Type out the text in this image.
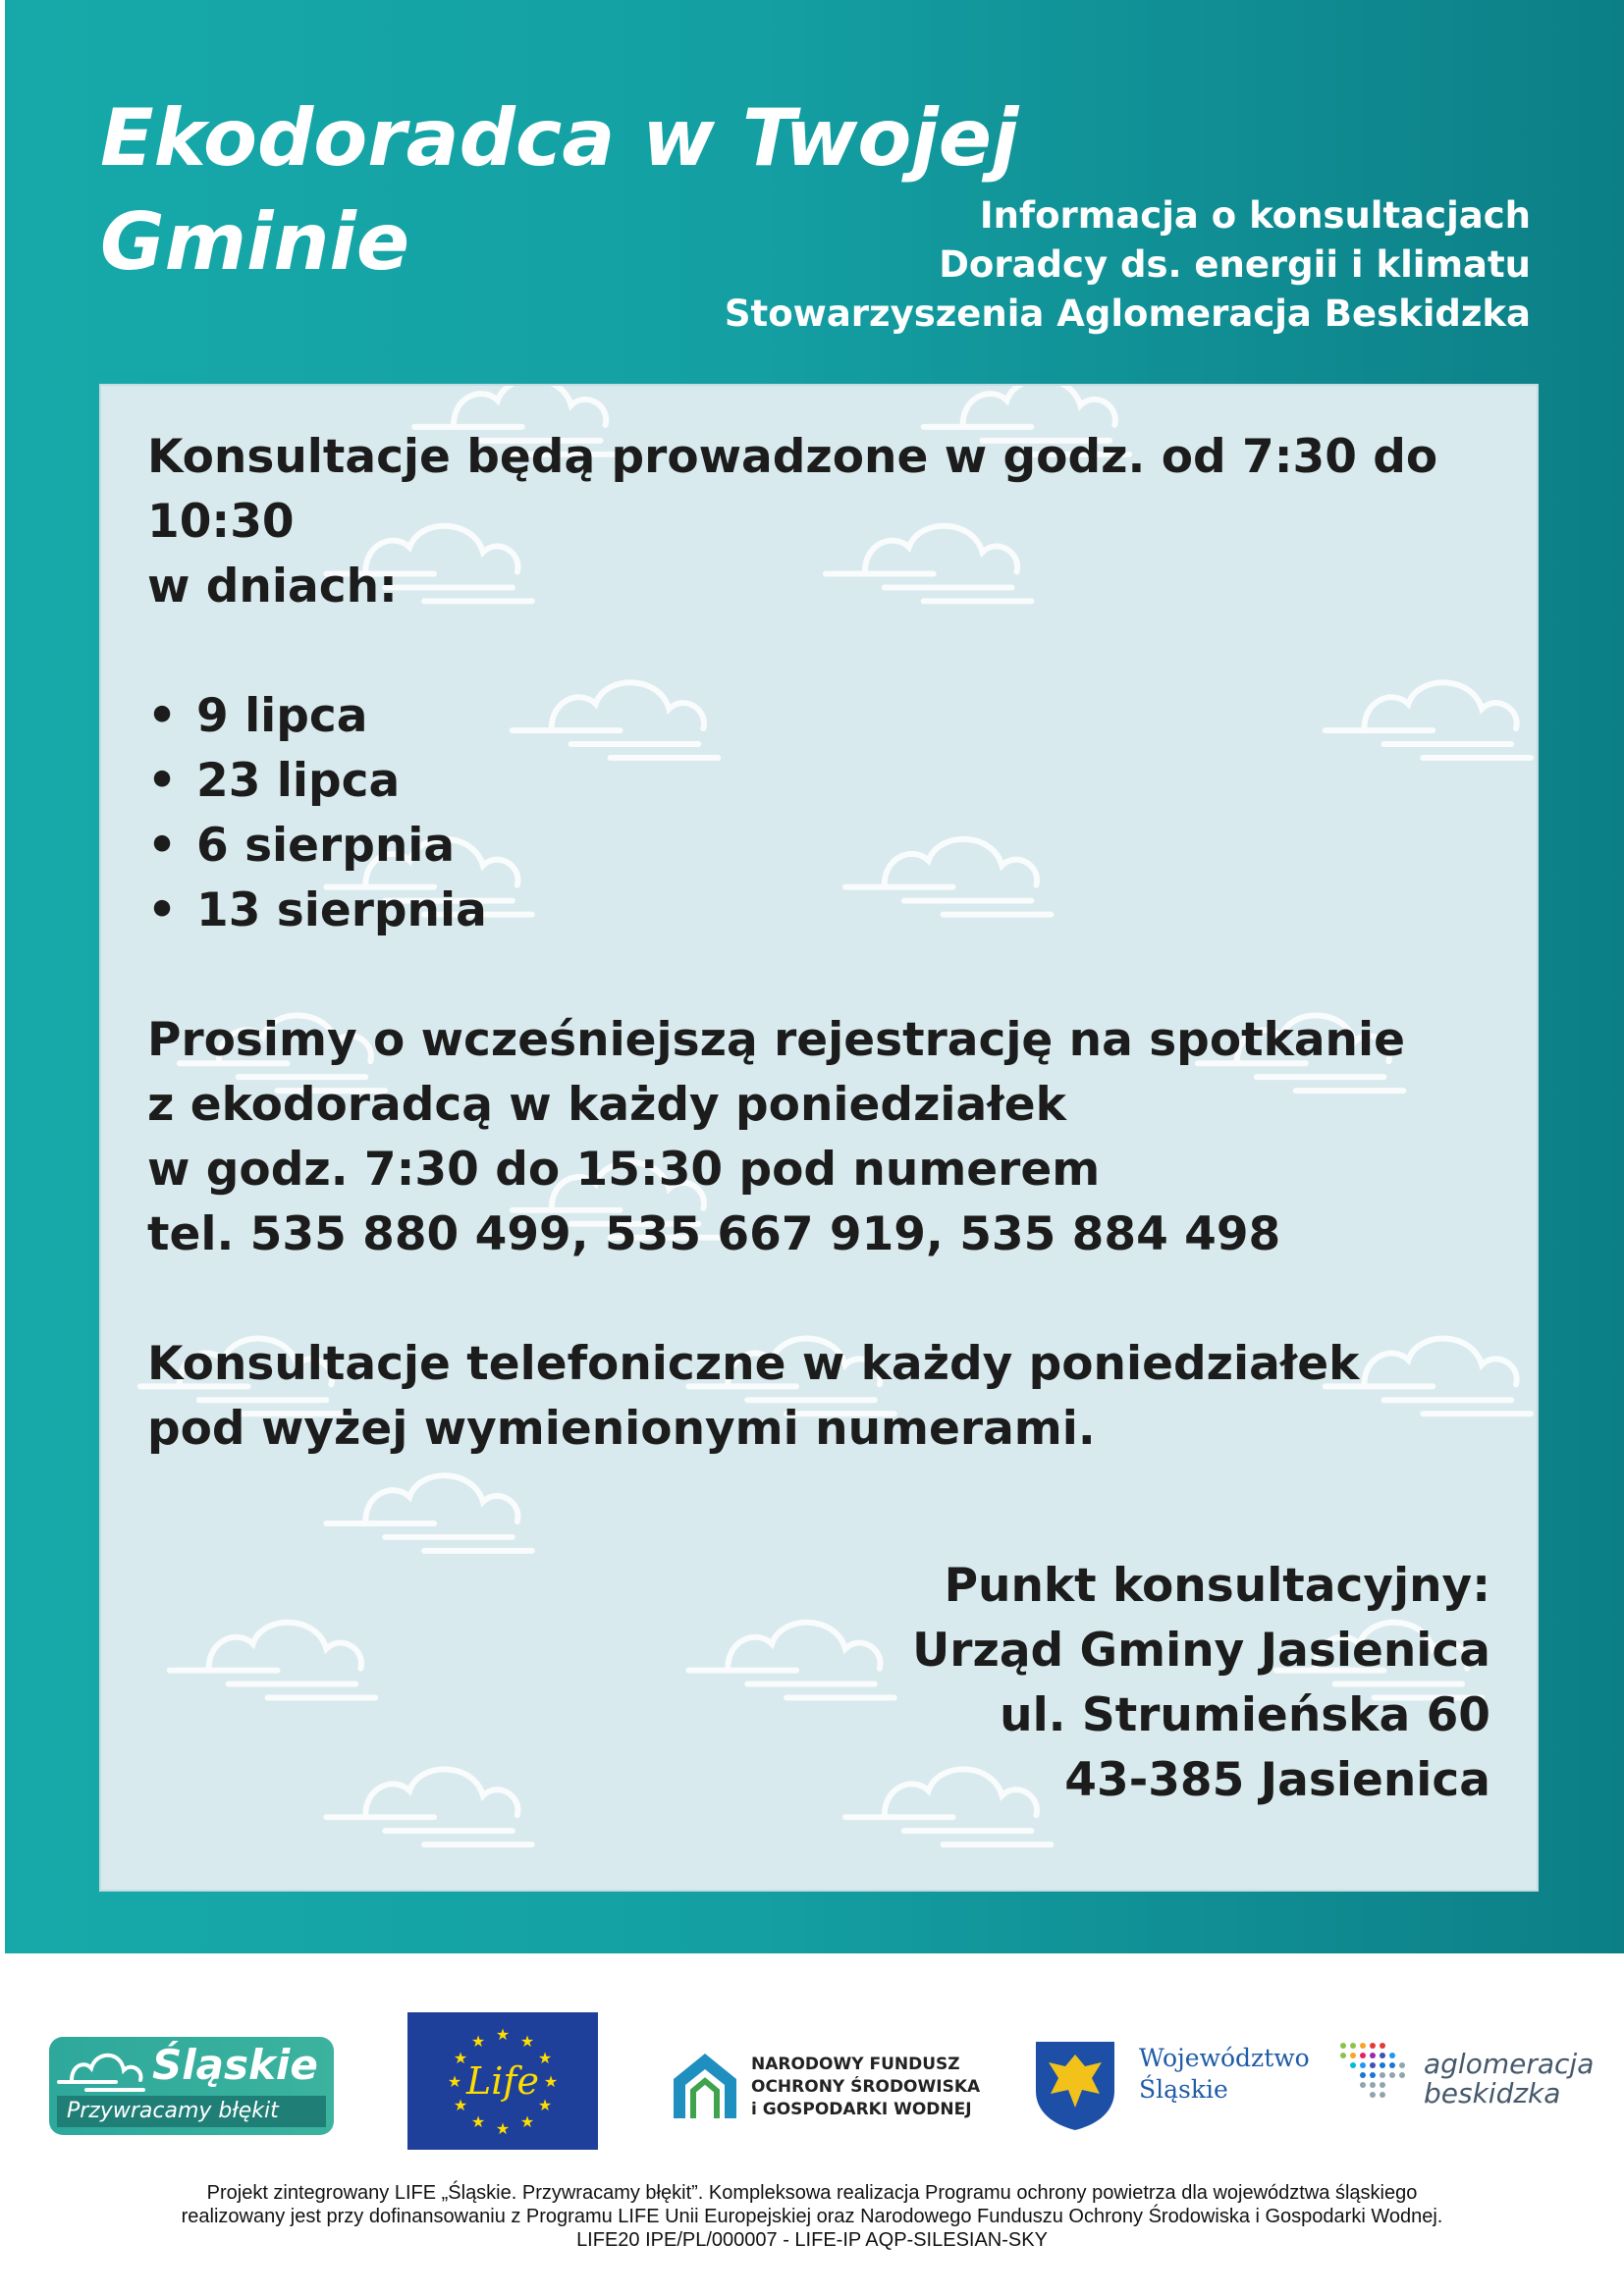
Ekodoradca w Twojej
Gminie	Informacja o konsultacjach
Doradcy ds. energii i klimatu
Stowarzyszenia Aglomeracja Beskidzka

Konsultacje będą prowadzone w godz. od 7:30 do 10:30

w dniach:

• 9 lipca
• 23 lipca
• 6 sierpnia
• 13 sierpnia

Prosimy o wcześniejszą rejestrację na spotkanie

z ekodoradcą w każdy poniedziałek

w godz. 7:30 do 15:30 pod numerem

tel. 535 880 499, 535 667 919, 535 884 498

Konsultacje telefoniczne w każdy poniedziałek

pod wyżej wymienionymi numerami.

Punkt konsultacyjny:
Urząd Gminy Jasienica
ul. Strumieńska 60
43-385 Jasienica
Śląskie
Przywracamy błękit
★ ★
★
★
★
★
★
★
★
★
★
★
Life	NARODOWY FUNDUSZ
OCHRONY ŚRODOWISKA
i GOSPODARKI WODNEJ
Województwo
Śląskie
aglomeracja
beskidzka

Projekt zintegrowany LIFE „Śląskie. Przywracamy błękit”. Kompleksowa realizacja Programu ochrony powietrza dla województwa śląskiego

realizowany jest przy dofinansowaniu z Programu LIFE Unii Europejskiej oraz Narodowego Funduszu Ochrony Środowiska i Gospodarki Wodnej.

LIFE20 IPE/PL/000007 - LIFE-IP AQP-SILESIAN-SKY
